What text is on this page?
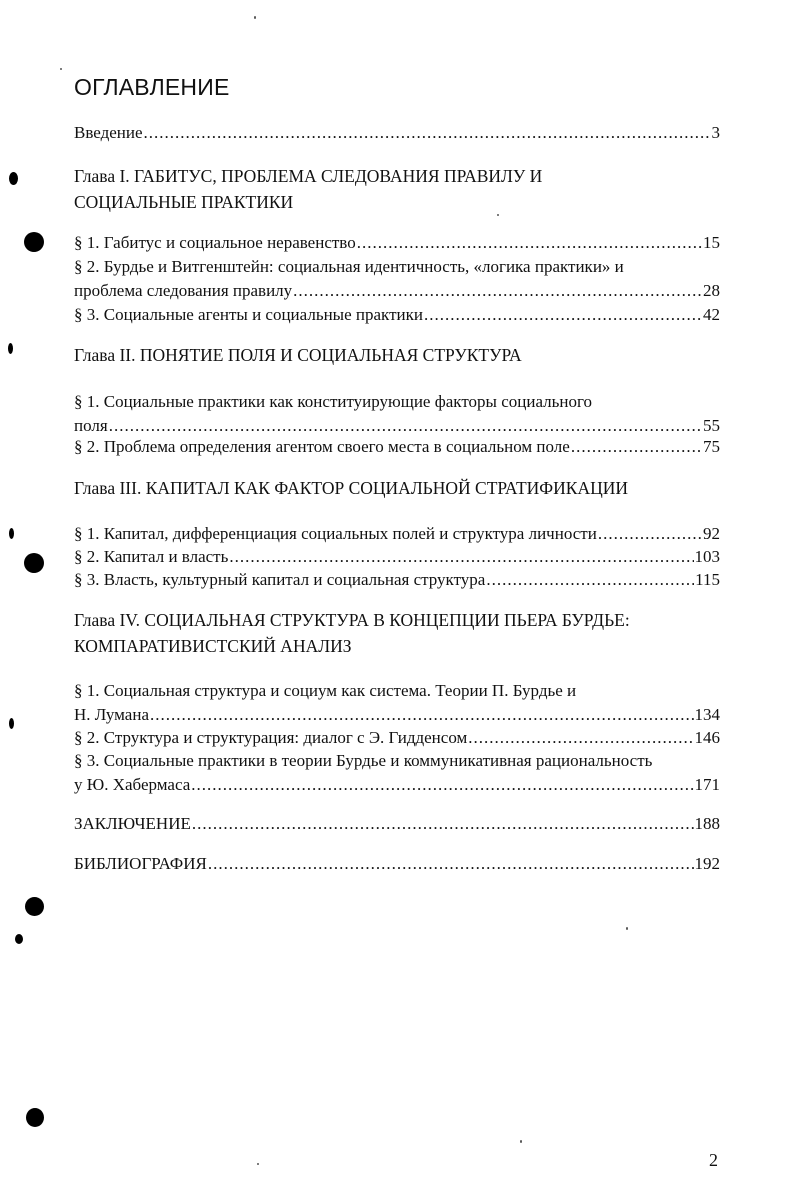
ОГЛАВЛЕНИЕ
Введение .....	3
Глава I. ГАБИТУС, ПРОБЛЕМА СЛЕДОВАНИЯ ПРАВИЛУ И
СОЦИАЛЬНЫЕ ПРАКТИКИ
§ 1. Габитус и социальное неравенство .....	15
§ 2. Бурдье и Витгенштейн: социальная идентичность, «логика практики» и
проблема следования правилу .....	28
§ 3. Социальные агенты и социальные практики .....	42
Глава II. ПОНЯТИЕ ПОЛЯ И СОЦИАЛЬНАЯ СТРУКТУРА
§ 1. Социальные практики как конституирующие факторы социального
поля .....	55
§ 2. Проблема определения агентом своего места в социальном поле .....	75
Глава III. КАПИТАЛ КАК ФАКТОР СОЦИАЛЬНОЙ СТРАТИФИКАЦИИ
§ 1. Капитал, дифференциация социальных полей и структура личности .....	92
§ 2. Капитал и власть .....	103
§ 3. Власть, культурный капитал и социальная структура .....	115
Глава IV. СОЦИАЛЬНАЯ СТРУКТУРА В КОНЦЕПЦИИ ПЬЕРА БУРДЬЕ:
КОМПАРАТИВИСТСКИЙ АНАЛИЗ
§ 1. Социальная структура и социум как система. Теории П. Бурдье и
Н. Лумана .....	134
§ 2. Структура и структурация: диалог с Э. Гидденсом .....	146
§ 3. Социальные практики в теории Бурдье и коммуникативная рациональность
у Ю. Хабермаса .....	171
ЗАКЛЮЧЕНИЕ .....	188
БИБЛИОГРАФИЯ .....	192
2
